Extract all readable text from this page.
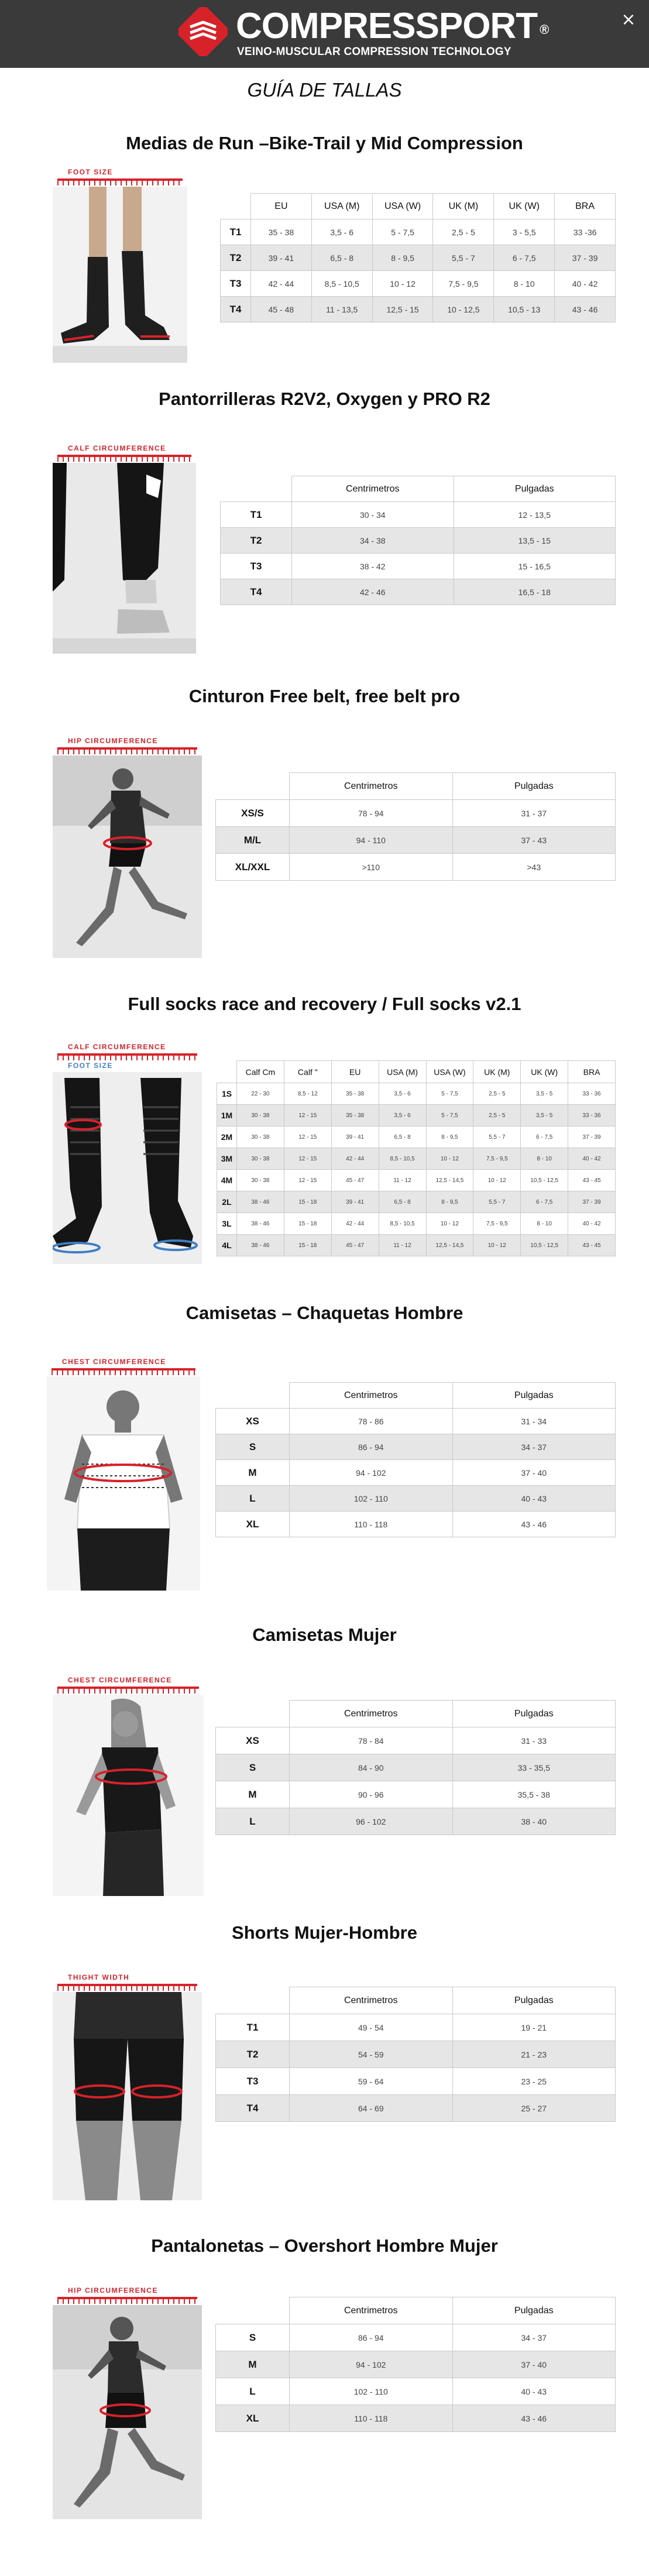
COMPRESSPORT ®
VEINO-MUSCULAR COMPRESSION TECHNOLOGY
×
GUÍA DE TALLAS
Medias de Run –Bike-Trail y Mid Compression
Pantorrilleras R2V2, Oxygen y PRO R2
Cinturon Free belt, free belt pro
Full socks race and recovery / Full socks v2.1
Camisetas – Chaquetas Hombre
Camisetas Mujer
Shorts Mujer-Hombre
Pantalonetas – Overshort Hombre Mujer
FOOT SIZE
CALF CIRCUMFERENCE
HIP CIRCUMFERENCE
CALF CIRCUMFERENCE
FOOT SIZE
CHEST CIRCUMFERENCE
CHEST CIRCUMFERENCE
THIGHT WIDTH
HIP CIRCUMFERENCE
	EU	USA (M)	USA (W)	UK (M)	UK (W)	BRA
T1	35 - 38	3,5 - 6	5 - 7,5	2,5 - 5	3 - 5,5	33 -36
T2	39 - 41	6,5 - 8	8 - 9,5	5,5 - 7	6 - 7,5	37 - 39
T3	42 - 44	8,5 - 10,5	10 - 12	7,5 - 9,5	8 - 10	40 - 42
T4	45 - 48	11 - 13,5	12,5 - 15	10 - 12,5	10,5 - 13	43 - 46
	Centrimetros	Pulgadas
T1	30 - 34	12 - 13,5
T2	34 - 38	13,5 - 15
T3	38 - 42	15 - 16,5
T4	42 - 46	16,5 - 18
	Centrimetros	Pulgadas
XS/S	78 - 94	31 - 37
M/L	94 - 110	37 - 43
XL/XXL	>110	>43
	Calf Cm	Calf "	EU	USA (M)	USA (W)	UK (M)	UK (W)	BRA
1S	22 - 30	8,5 - 12	35 - 38	3,5 - 6	5 - 7,5	2,5 - 5	3,5 - 5	33 - 36
1M	30 - 38	12 - 15	35 - 38	3,5 - 6	5 - 7,5	2,5 - 5	3,5 - 5	33 - 36
2M	30 - 38	12 - 15	39 - 41	6,5 - 8	8 - 9,5	5,5 - 7	6 - 7,5	37 - 39
3M	30 - 38	12 - 15	42 - 44	8,5 - 10,5	10 - 12	7,5 - 9,5	8 - 10	40 - 42
4M	30 - 38	12 - 15	45 - 47	11 - 12	12,5 - 14,5	10 - 12	10,5 - 12,5	43 - 45
2L	38 - 46	15 - 18	39 - 41	6,5 - 8	8 - 9,5	5,5 - 7	6 - 7,5	37 - 39
3L	38 - 46	15 - 18	42 - 44	8,5 - 10,5	10 - 12	7,5 - 9,5	8 - 10	40 - 42
4L	38 - 46	15 - 18	45 - 47	11 - 12	12,5 - 14,5	10 - 12	10,5 - 12,5	43 - 45
	Centrimetros	Pulgadas
XS	78 - 86	31 - 34
S	86 - 94	34 - 37
M	94 - 102	37 - 40
L	102 - 110	40 - 43
XL	110 - 118	43 - 46
	Centrimetros	Pulgadas
XS	78 - 84	31 - 33
S	84 - 90	33 - 35,5
M	90 - 96	35,5 - 38
L	96 - 102	38 - 40
	Centrimetros	Pulgadas
T1	49 - 54	19 - 21
T2	54 - 59	21 - 23
T3	59 - 64	23 - 25
T4	64 - 69	25 - 27
	Centrimetros	Pulgadas
S	86 - 94	34 - 37
M	94 - 102	37 - 40
L	102 - 110	40 - 43
XL	110 - 118	43 - 46
